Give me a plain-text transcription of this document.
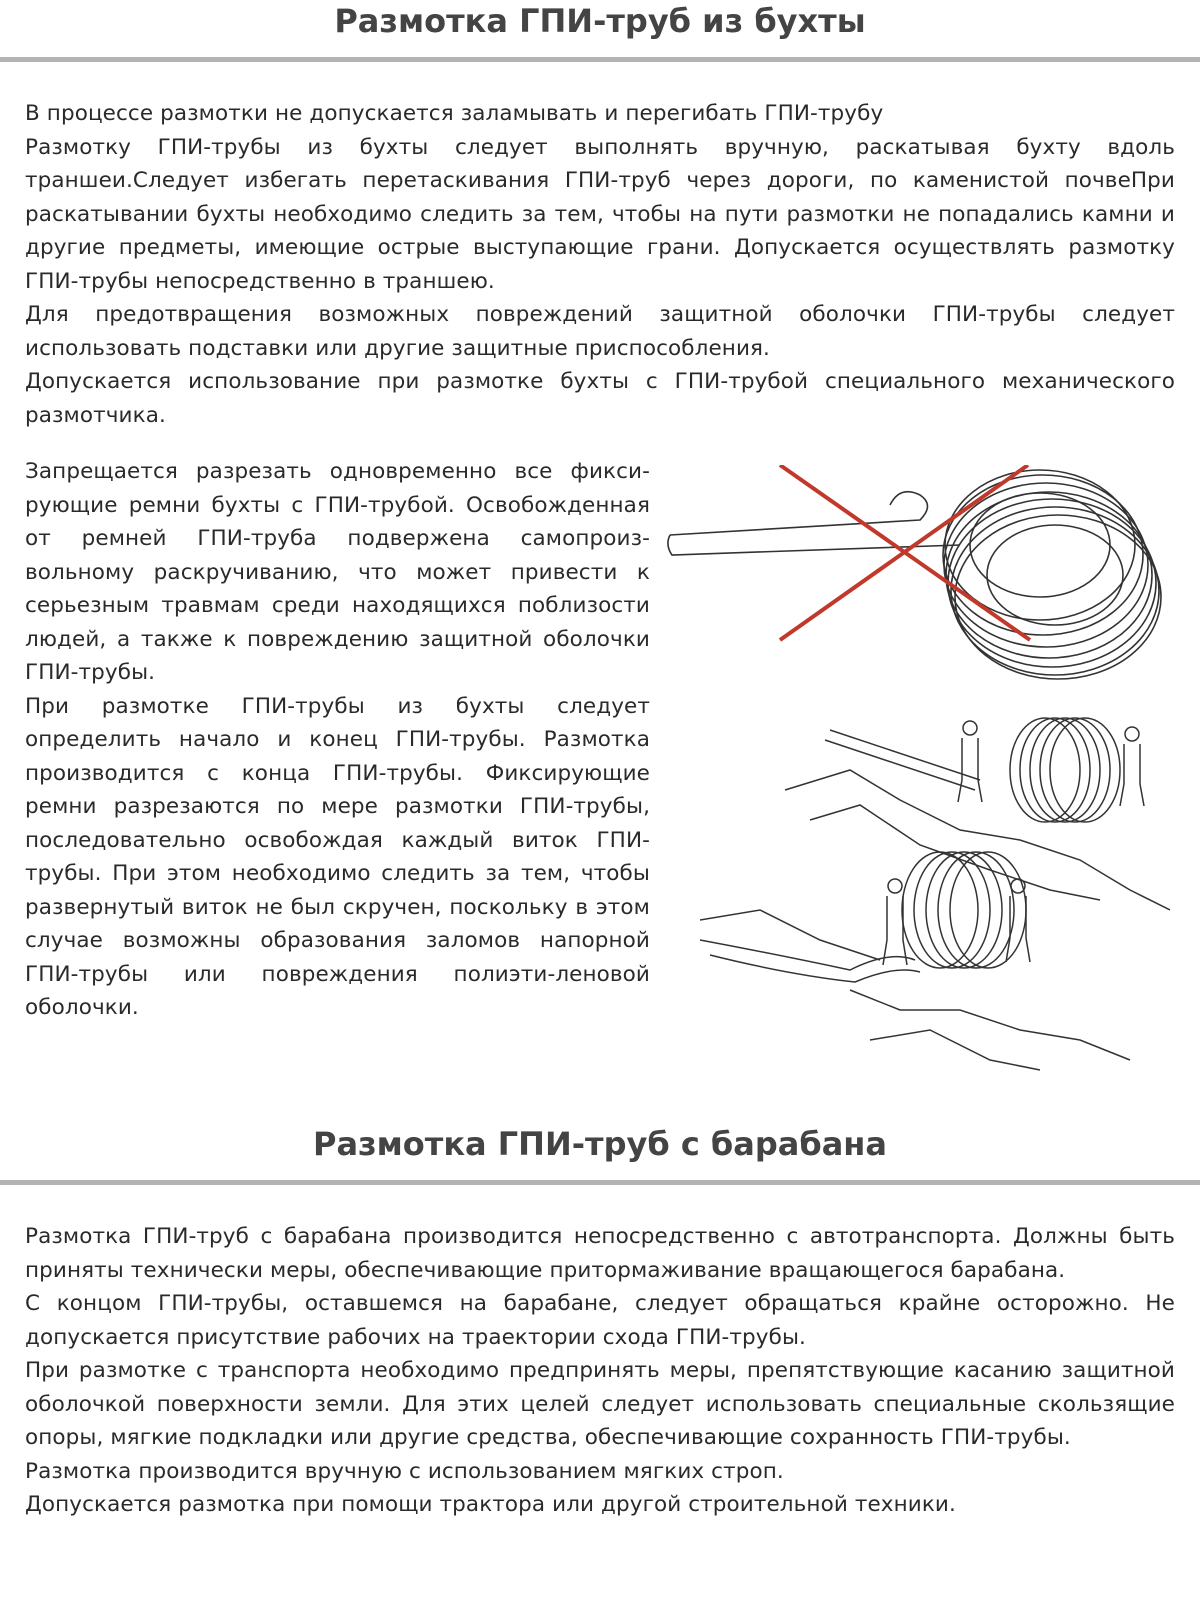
Размотка ГПИ-труб из бухты

В процессе размотки не допускается заламывать и перегибать ГПИ-трубу

Размотку ГПИ-трубы из бухты следует выполнять вручную, раскатывая бухту вдоль траншеи.Следует избегать перетаскивания ГПИ-труб через дороги, по каменистой почвеПри раскатывании бухты необходимо следить за тем, чтобы на пути размотки не попадались камни и другие предметы, имеющие острые выступающие грани. Допускается осуществлять размотку ГПИ-трубы непосредственно в траншею.

Для предотвращения возможных повреждений защитной оболочки ГПИ-трубы следует использовать подставки или другие защитные приспособления.

Допускается использование при размотке бухты с ГПИ-трубой специального механического размотчика.

Запрещается разрезать одновременно все фикси-рующие ремни бухты с ГПИ-трубой. Освобожденная от ремней ГПИ-труба подвержена самопроиз-вольному раскручиванию, что может привести к серьезным травмам среди находящихся поблизости людей, а также к повреждению защитной оболочки ГПИ-трубы.

При размотке ГПИ-трубы из бухты следует определить начало и конец ГПИ-трубы. Размотка производится с конца ГПИ-трубы. Фиксирующие ремни разрезаются по мере размотки ГПИ-трубы, последовательно освобождая каждый виток ГПИ-трубы. При этом необходимо следить за тем, чтобы развернутый виток не был скручен, поскольку в этом случае возможны образования заломов напорной ГПИ-трубы или повреждения полиэти-леновой оболочки.

Размотка ГПИ-труб с барабана

Размотка ГПИ-труб с барабана производится непосредственно с автотранспорта. Должны быть приняты технически меры, обеспечивающие притормаживание вращающегося барабана.

С концом ГПИ-трубы, оставшемся на барабане, следует обращаться крайне осторожно. Не допускается присутствие рабочих на траектории схода ГПИ-трубы.

При размотке с транспорта необходимо предпринять меры, препятствующие касанию защитной оболочкой поверхности земли. Для этих целей следует использовать специальные скользящие опоры, мягкие подкладки или другие средства, обеспечивающие сохранность ГПИ-трубы.

Размотка производится вручную с использованием мягких строп.

Допускается размотка при помощи трактора или другой строительной техники.
